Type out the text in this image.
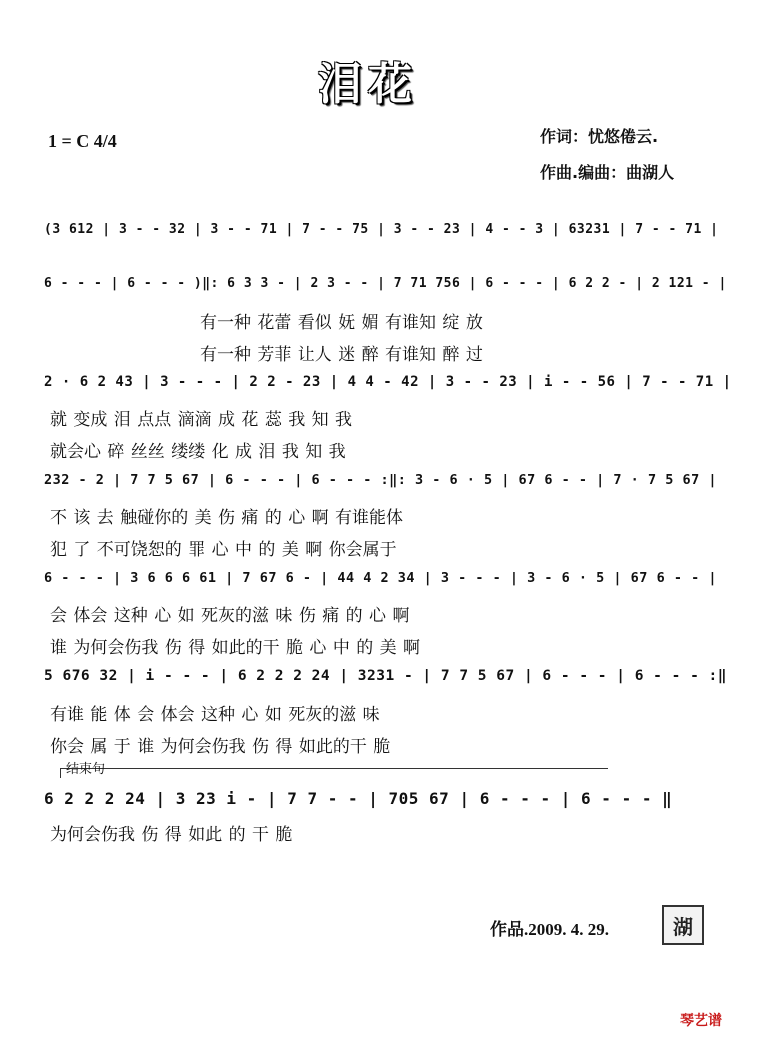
泪花
1 = C 4/4	作词：忧悠倦云.
作曲.编曲：曲湖人
(3 612 | 3 - - 32 | 3 - - 71 | 7 - - 75 | 3 - - 23 | 4 - - 3 | 63231 | 7 - - 71 |
6 - - - | 6 - - - )‖: 6 3 3 - | 2 3 - - | 7 71 756 | 6 - - - | 6 2 2 - | 2 121 - |
有一种 花蕾 看似 妩 媚 有谁知 绽 放
有一种 芳菲 让人 迷 醉 有谁知 醉 过
2 · 6 2 43 | 3 - - - | 2 2 - 23 | 4 4 - 42 | 3 - - 23 | i - - 56 | 7 - - 71 |
就 变成 泪 点点 滴滴 成 花 蕊 我 知 我
就会心 碎 丝丝 缕缕 化 成 泪 我 知 我
232 - 2 | 7 7 5 67 | 6 - - - | 6 - - - :‖: 3 - 6 · 5 | 67 6 - - | 7 · 7 5 67 |
不 该 去 触碰你的 美 伤 痛 的 心 啊 有谁能体
犯 了 不可饶恕的 罪 心 中 的 美 啊 你会属于
6 - - - | 3 6 6 6 61 | 7 67 6 - | 44 4 2 34 | 3 - - - | 3 - 6 · 5 | 67 6 - - |
会 体会 这种 心 如 死灰的滋 味 伤 痛 的 心 啊
谁 为何会伤我 伤 得 如此的干 脆 心 中 的 美 啊
5 676 32 | i - - - | 6 2 2 2 24 | 3231 - | 7 7 5 67 | 6 - - - | 6 - - - :‖
有谁 能 体 会 体会 这种 心 如 死灰的滋 味
你会 属 于 谁 为何会伤我 伤 得 如此的干 脆
结束句
6 2 2 2 24 | 3 23 i - | 7 7 - - | 705 67 | 6 - - - | 6 - - - ‖
为何会伤我 伤 得 如此 的 干 脆
作品.2009. 4. 29.	湖
琴艺谱
